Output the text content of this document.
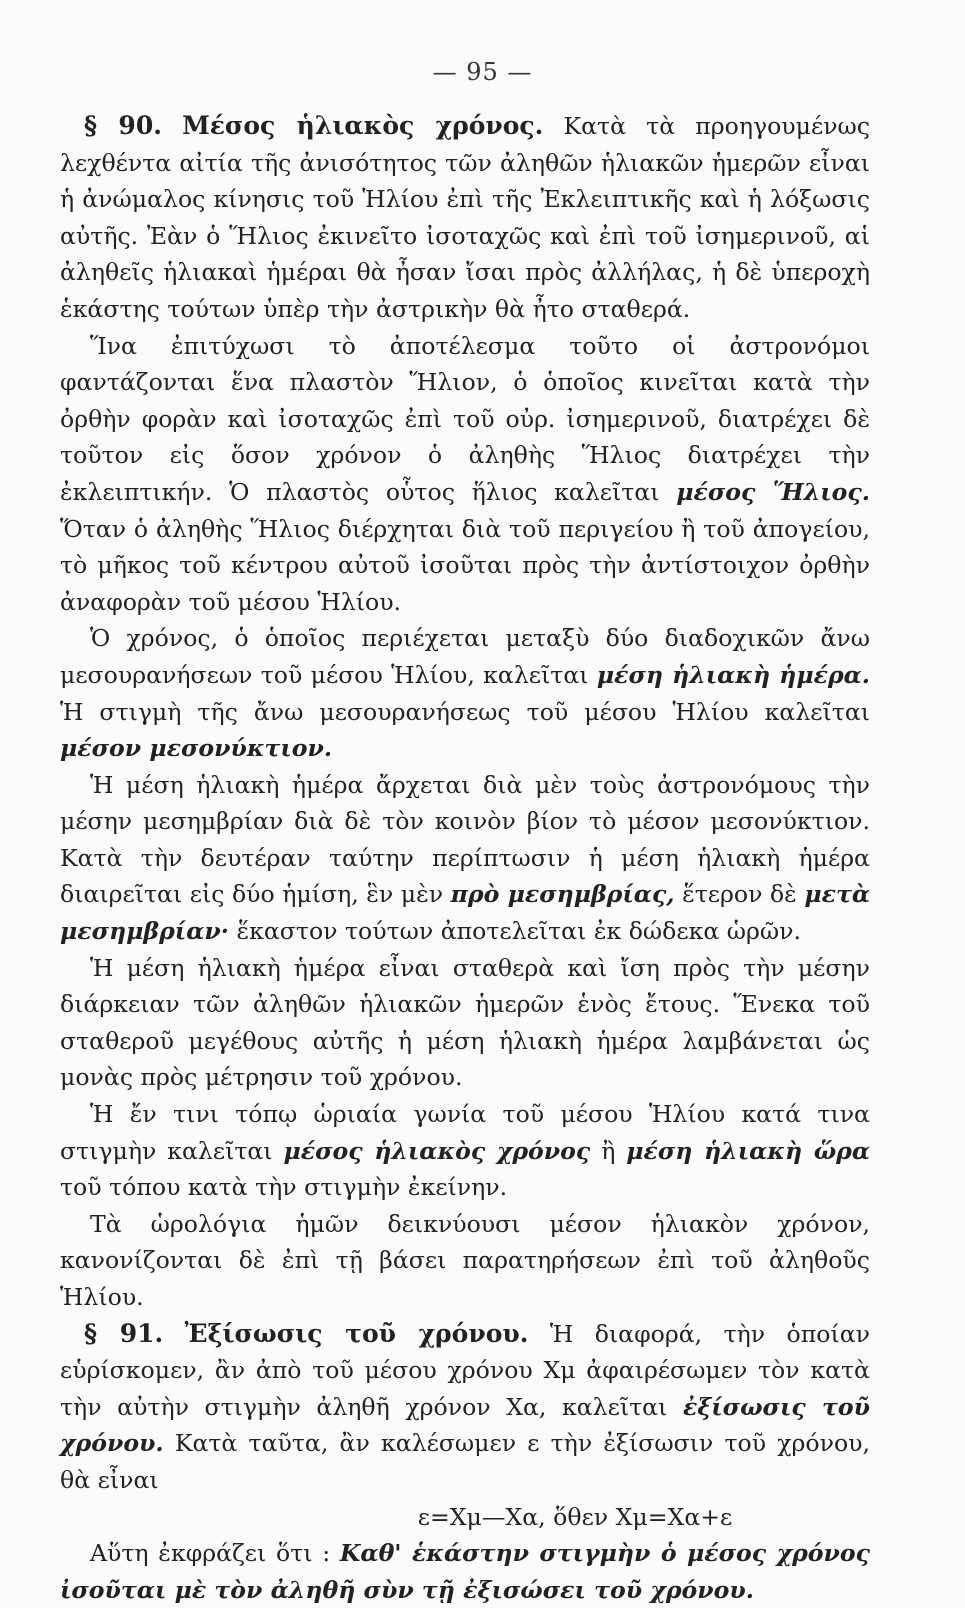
— 95 —

§ 90. Μέσος ἡλιακὸς χρόνος. Κατὰ τὰ προηγουμένως λεχθέντα αἰτία τῆς ἀνισότητος τῶν ἀληθῶν ἡλιακῶν ἡμερῶν εἶναι ἡ ἀνώμαλος κίνησις τοῦ Ἡλίου ἐπὶ τῆς Ἐκλειπτικῆς καὶ ἡ λόξωσις αὐτῆς. Ἐὰν ὁ Ἥλιος ἐκινεῖτο ἰσοταχῶς καὶ ἐπὶ τοῦ ἰσημερινοῦ, αἱ ἀληθεῖς ἡλιακαὶ ἡμέραι θὰ ἦσαν ἴσαι πρὸς ἀλλήλας, ἡ δὲ ὑπεροχὴ ἑκάστης τούτων ὑπὲρ τὴν ἀστρικὴν θὰ ἦτο σταθερά.

Ἵνα ἐπιτύχωσι τὸ ἀποτέλεσμα τοῦτο οἱ ἀστρονόμοι φαντάζονται ἕνα πλαστὸν Ἥλιον, ὁ ὁποῖος κινεῖται κατὰ τὴν ὀρθὴν φορὰν καὶ ἰσοταχῶς ἐπὶ τοῦ οὐρ. ἰσημερινοῦ, διατρέχει δὲ τοῦτον εἰς ὅσον χρόνον ὁ ἀληθὴς Ἥλιος διατρέχει τὴν ἐκλειπτικήν. Ὁ πλαστὸς οὗτος ἥλιος καλεῖται μέσος Ἥλιος. Ὅταν ὁ ἀληθὴς Ἥλιος διέρχηται διὰ τοῦ περιγείου ἢ τοῦ ἀπογείου, τὸ μῆκος τοῦ κέντρου αὐτοῦ ἰσοῦται πρὸς τὴν ἀντίστοιχον ὀρθὴν ἀναφορὰν τοῦ μέσου Ἡλίου.

Ὁ χρόνος, ὁ ὁποῖος περιέχεται μεταξὺ δύο διαδοχικῶν ἄνω μεσουρανήσεων τοῦ μέσου Ἡλίου, καλεῖται μέση ἡλιακὴ ἡμέρα. Ἡ στιγμὴ τῆς ἄνω μεσουρανήσεως τοῦ μέσου Ἡλίου καλεῖται μέσον μεσονύκτιον.

Ἡ μέση ἡλιακὴ ἡμέρα ἄρχεται διὰ μὲν τοὺς ἀστρονόμους τὴν μέσην μεσημβρίαν διὰ δὲ τὸν κοινὸν βίον τὸ μέσον μεσονύκτιον. Κατὰ τὴν δευτέραν ταύτην περίπτωσιν ἡ μέση ἡλιακὴ ἡμέρα διαιρεῖται εἰς δύο ἡμίση, ἓν μὲν πρὸ μεσημβρίας, ἕτερον δὲ μετὰ μεσημβρίαν· ἕκαστον τούτων ἀποτελεῖται ἐκ δώδεκα ὡρῶν.

Ἡ μέση ἡλιακὴ ἡμέρα εἶναι σταθερὰ καὶ ἴση πρὸς τὴν μέσην διάρκειαν τῶν ἀληθῶν ἡλιακῶν ἡμερῶν ἑνὸς ἔτους. Ἕνεκα τοῦ σταθεροῦ μεγέθους αὐτῆς ἡ μέση ἡλιακὴ ἡμέρα λαμβάνεται ὡς μονὰς πρὸς μέτρησιν τοῦ χρόνου.

Ἡ ἔν τινι τόπῳ ὡριαία γωνία τοῦ μέσου Ἡλίου κατά τινα στιγμὴν καλεῖται μέσος ἡλιακὸς χρόνος ἢ μέση ἡλιακὴ ὥρα τοῦ τόπου κατὰ τὴν στιγμὴν ἐκείνην.

Τὰ ὡρολόγια ἡμῶν δεικνύουσι μέσον ἡλιακὸν χρόνον, κανονίζονται δὲ ἐπὶ τῇ βάσει παρατηρήσεων ἐπὶ τοῦ ἀληθοῦς Ἡλίου.

§ 91. Ἐξίσωσις τοῦ χρόνου. Ἡ διαφορά, τὴν ὁποίαν εὑρίσκομεν, ἂν ἀπὸ τοῦ μέσου χρόνου Χμ ἀφαιρέσωμεν τὸν κατὰ τὴν αὐτὴν στιγμὴν ἀληθῆ χρόνον Χα, καλεῖται ἐξίσωσις τοῦ χρόνου. Κατὰ ταῦτα, ἂν καλέσωμεν ε τὴν ἐξίσωσιν τοῦ χρόνου, θὰ εἶναι

ε=Χμ—Χα, ὅθεν Χμ=Χα+ε

Αὕτη ἐκφράζει ὅτι : Καθ' ἑκάστην στιγμὴν ὁ μέσος χρόνος ἰσοῦται μὲ τὸν ἀληθῆ σὺν τῇ ἐξισώσει τοῦ χρόνου.
